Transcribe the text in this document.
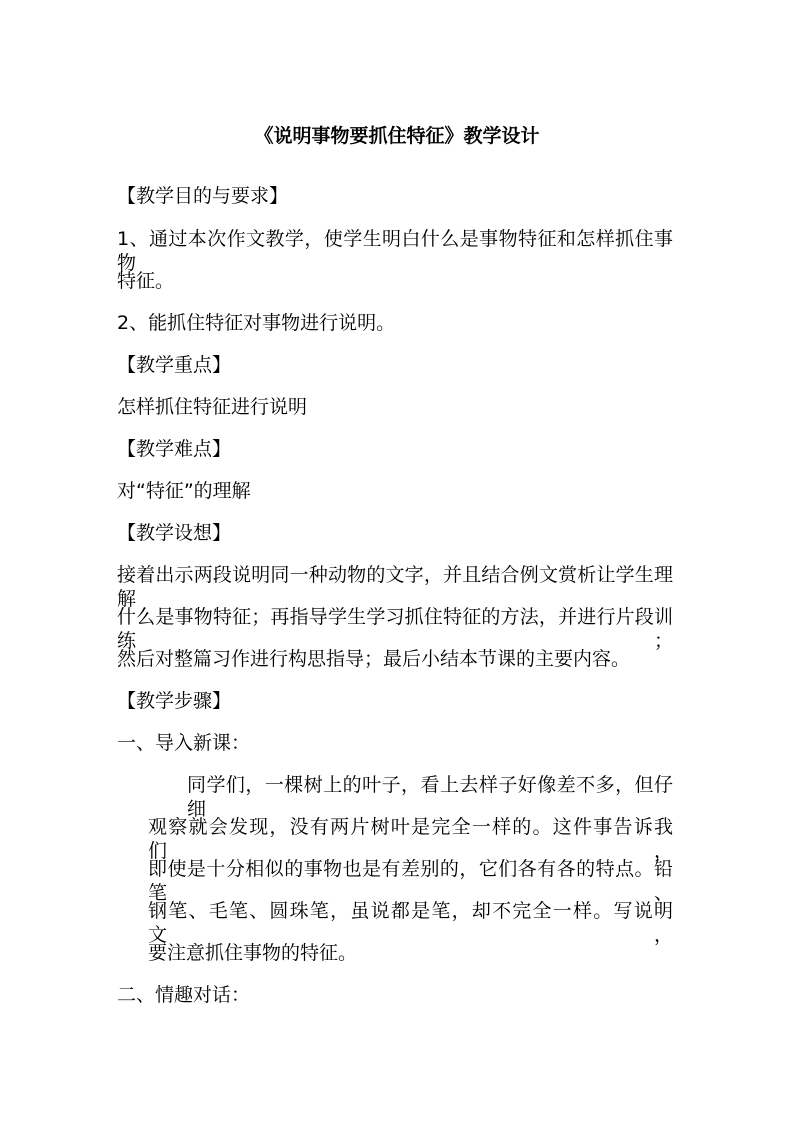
《说明事物要抓住特征》教学设计
【教学目的与要求】
1、通过本次作文教学，使学生明白什么是事物特征和怎样抓住事物
特征。
2、能抓住特征对事物进行说明。
【教学重点】
怎样抓住特征进行说明
【教学难点】
对“特征”的理解
【教学设想】
接着出示两段说明同一种动物的文字，并且结合例文赏析让学生理解
什么是事物特征；再指导学生学习抓住特征的方法，并进行片段训练；
然后对整篇习作进行构思指导；最后小结本节课的主要内容。
【教学步骤】
一、导入新课：
同学们，一棵树上的叶子，看上去样子好像差不多，但仔细
观察就会发现，没有两片树叶是完全一样的。这件事告诉我们，
即使是十分相似的事物也是有差别的，它们各有各的特点。铅笔、
钢笔、毛笔、圆珠笔，虽说都是笔，却不完全一样。写说明文，
要注意抓住事物的特征。
二、情趣对话：
